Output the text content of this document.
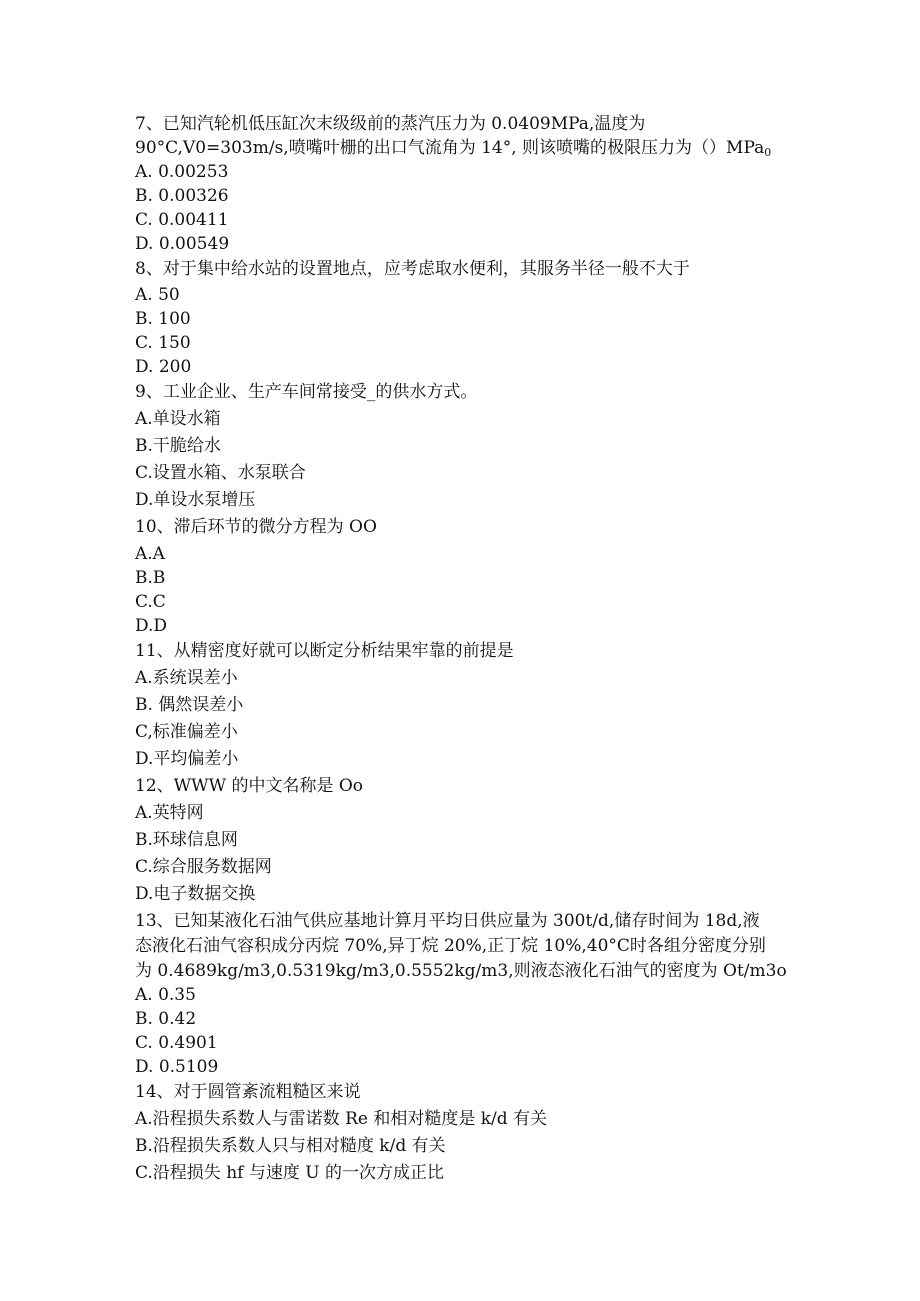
7、已知汽轮机低压缸次末级级前的蒸汽压力为 0.0409MPa,温度为
90°C,V0=303m∕s,喷嘴叶栅的出口气流角为 14°, 则该喷嘴的极限压力为（）MPa$_0$
A. 0.00253
B. 0.00326
C. 0.00411
D. 0.00549
8、对于集中给水站的设置地点，应考虑取水便利，其服务半径一般不大于
A. 50
B. 100
C. 150
D. 200
9、工业企业、生产车间常接受_的供水方式。
A.单设水箱
B.干脆给水
C.设置水箱、水泵联合
D.单设水泵增压
10、滞后环节的微分方程为 OO
A.A
B.B
C.C
D.D
11、从精密度好就可以断定分析结果牢靠的前提是
A.系统误差小
B. 偶然误差小
C,标准偏差小
D.平均偏差小
12、WWW 的中文名称是 Oo
A.英特网
B.环球信息网
C.综合服务数据网
D.电子数据交换
13、已知某液化石油气供应基地计算月平均日供应量为 300t∕d,储存时间为 18d,液
态液化石油气容积成分丙烷 70%,异丁烷 20%,正丁烷 10%,40°C时各组分密度分别
为 0.4689kg∕m3,0.5319kg∕m3,0.5552kg∕m3,则液态液化石油气的密度为 Ot∕m3o
A. 0.35
B. 0.42
C. 0.4901
D. 0.5109
14、对于圆管紊流粗糙区来说
A.沿程损失系数人与雷诺数 Re 和相对糙度是 k/d 有关
B.沿程损失系数人只与相对糙度 k/d 有关
C.沿程损失 hf 与速度 U 的一次方成正比
